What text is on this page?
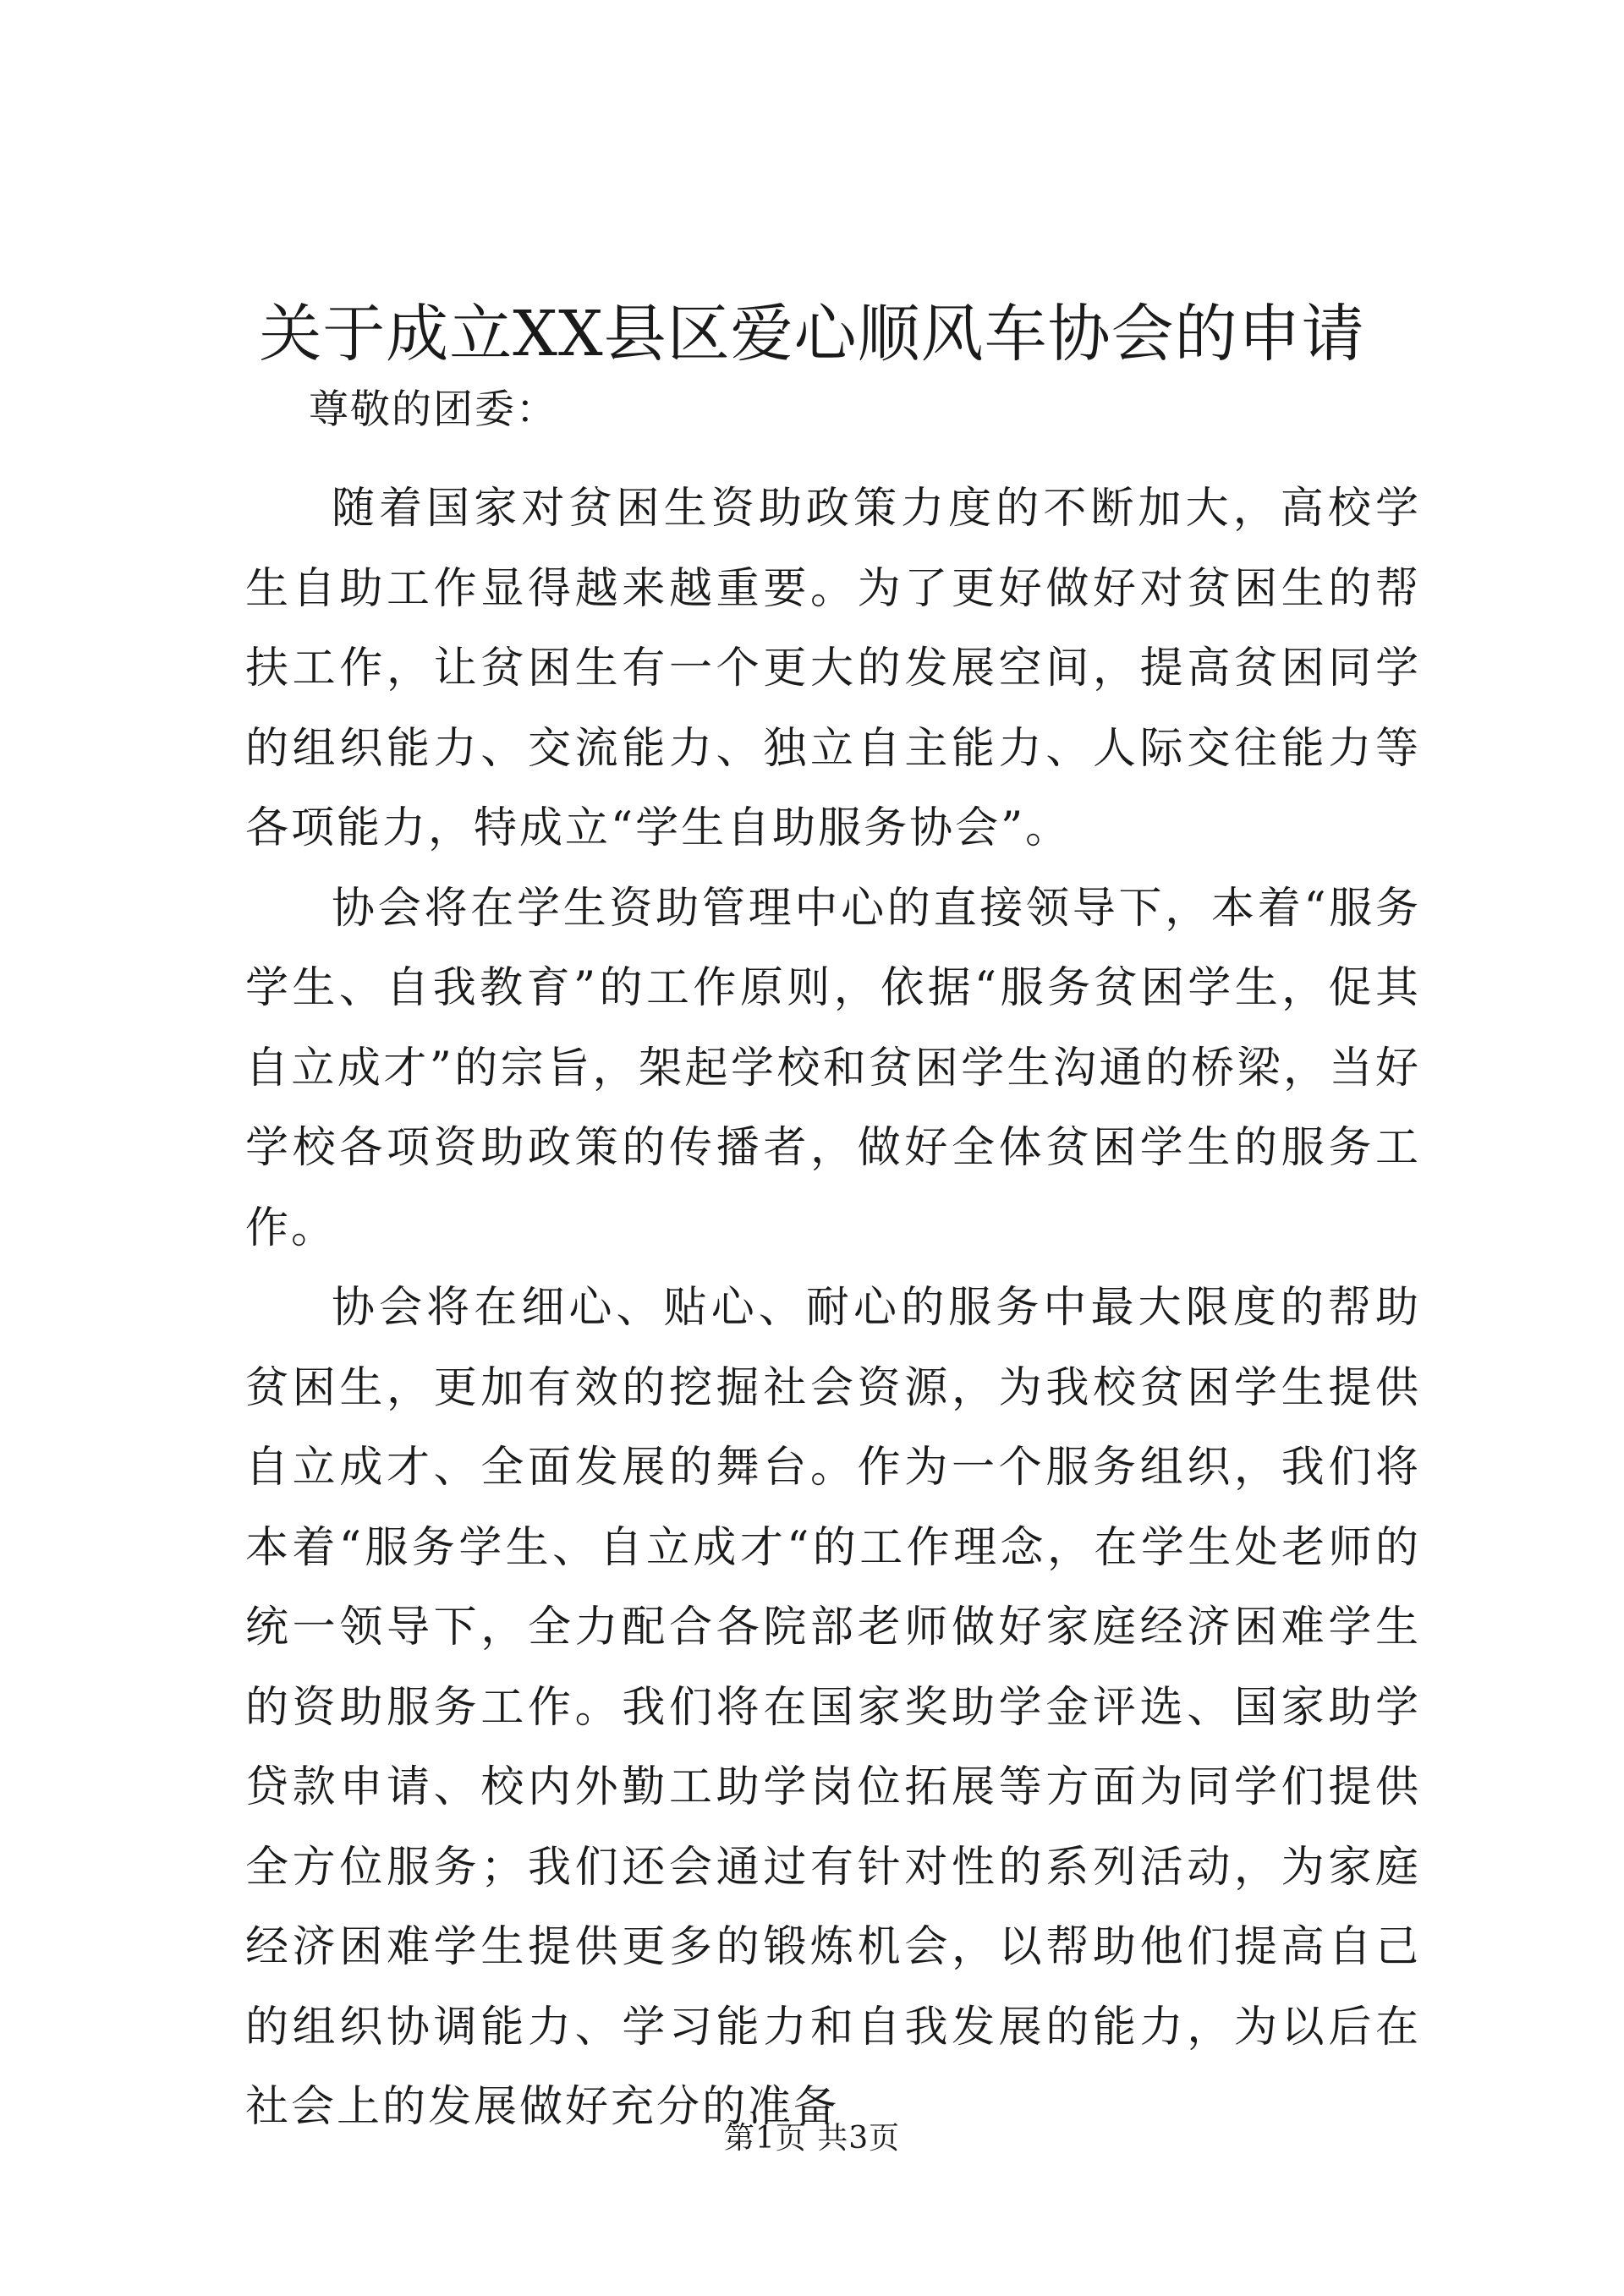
关于成立XX县区爱心顺风车协会的申请

尊敬的团委：

随着国家对贫困生资助政策力度的不断加大，高校学生自助工作显得越来越重要。为了更好做好对贫困生的帮扶工作，让贫困生有一个更大的发展空间，提高贫困同学的组织能力、交流能力、独立自主能力、人际交往能力等各项能力，特成立“学生自助服务协会”。

协会将在学生资助管理中心的直接领导下，本着“服务学生、自我教育”的工作原则，依据“服务贫困学生，促其自立成才”的宗旨，架起学校和贫困学生沟通的桥梁，当好学校各项资助政策的传播者，做好全体贫困学生的服务工作。

协会将在细心、贴心、耐心的服务中最大限度的帮助贫困生，更加有效的挖掘社会资源，为我校贫困学生提供自立成才、全面发展的舞台。作为一个服务组织，我们将本着“服务学生、自立成才“的工作理念，在学生处老师的统一领导下，全力配合各院部老师做好家庭经济困难学生的资助服务工作。我们将在国家奖助学金评选、国家助学贷款申请、校内外勤工助学岗位拓展等方面为同学们提供全方位服务；我们还会通过有针对性的系列活动，为家庭经济困难学生提供更多的锻炼机会，以帮助他们提高自己的组织协调能力、学习能力和自我发展的能力，为以后在社会上的发展做好充分的准备

第1页 共3页
